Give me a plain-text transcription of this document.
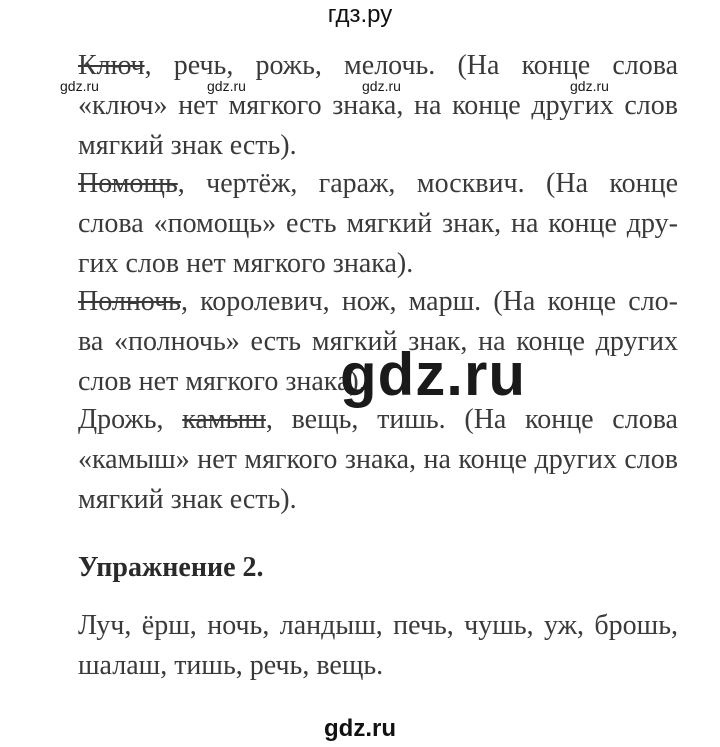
гдз.ру
Ключ, речь, рожь, мелочь. (На конце слова
«ключ» нет мягкого знака, на конце других слов
мягкий знак есть).
Помощь, чертёж, гараж, москвич. (На конце
слова «помощь» есть мягкий знак, на конце дру-
гих слов нет мягкого знака).
Полночь, королевич, нож, марш. (На конце сло-
ва «полночь» есть мягкий знак, на конце других
слов нет мягкого знака).
Дрожь, камыш, вещь, тишь. (На конце слова
«камыш» нет мягкого знака, на конце других слов
мягкий знак есть).
Упражнение 2.
Луч, ёрш, ночь, ландыш, печь, чушь, уж, брошь,
шалаш, тишь, речь, вещь.
gdz.ru	gdz.ru	gdz.ru	gdz.ru
gdz.ru
gdz.ru
